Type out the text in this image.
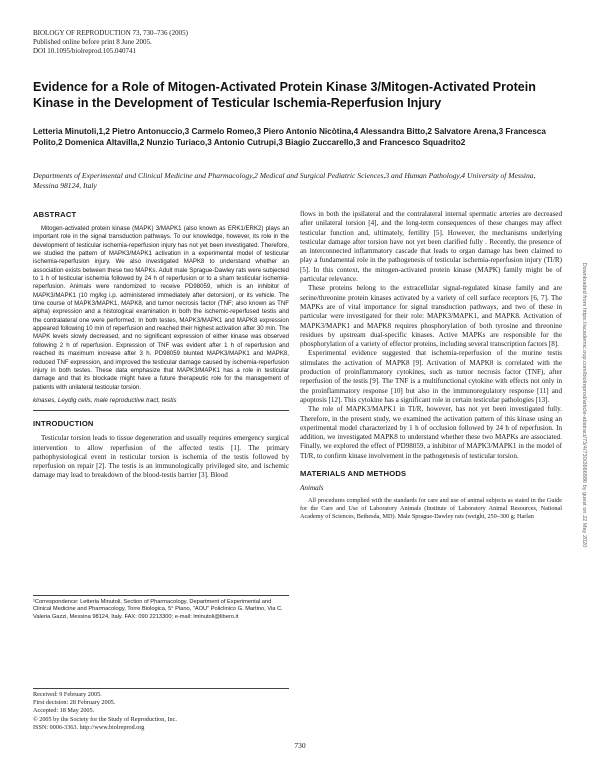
BIOLOGY OF REPRODUCTION 73, 730–736 (2005)
Published online before print 8 June 2005.
DOI 10.1095/biolreprod.105.040741
Evidence for a Role of Mitogen-Activated Protein Kinase 3/Mitogen-Activated Protein Kinase in the Development of Testicular Ischemia-Reperfusion Injury
Letteria Minutoli,1,2 Pietro Antonuccio,3 Carmelo Romeo,3 Piero Antonio Nicòtina,4 Alessandra Bitto,2 Salvatore Arena,3 Francesca Polito,2 Domenica Altavilla,2 Nunzio Turiaco,3 Antonio Cutrupi,3 Biagio Zuccarello,3 and Francesco Squadrito2
Departments of Experimental and Clinical Medicine and Pharmacology,2 Medical and Surgical Pediatric Sciences,3 and Human Pathology,4 University of Messina, Messina 98124, Italy
Downloaded from https://academic.oup.com/biolreprod/article-abstract/73/4/730/2666886 by guest on 22 May 2020
ABSTRACT

Mitogen-activated protein kinase (MAPK) 3/MAPK1 (also known as ERK1/ERK2) plays an important role in the signal transduction pathways. To our knowledge, however, its role in the development of testicular ischemia-reperfusion injury has not yet been investigated. Therefore, we studied the pattern of MAPK3/MAPK1 activation in a experimental model of testicular ischemia-reperfusion injury. We also investigated MAPK8 to understand whether an association exists between these two MAPKs. Adult male Sprague-Dawley rats were subjected to 1 h of testicular ischemia followed by 24 h of reperfusion or to a sham testicular ischemia-reperfusion. Animals were randomized to receive PD98059, which is an inhibitor of MAPK3/MAPK1 (10 mg/kg i.p. administered immediately after detorsion), or its vehicle. The time course of MAPK3/MAPK1, MAPK8, and tumor necrosis factor (TNF; also known as TNF alpha) expression and a histological examination in both the ischemic-reperfused testis and the contralateral one were performed. In both testes, MAPK3/MAPK1 and MAPK8 expression appeared following 10 min of reperfusion and reached their highest activation after 30 min. The MAPK levels slowly decreased, and no significant expression of either kinase was observed following 2 h of reperfusion. Expression of TNF was evident after 1 h of reperfusion and reached its maximum increase after 3 h. PD98059 blunted MAPK3/MAPK1 and MAPK8, reduced TNF expression, and improved the testicular damage caused by ischemia-reperfusion injury in both testes. These data emphasize that MAPK3/MAPK1 has a role in testicular damage and that its blockade might have a future therapeutic role for the management of patients with unilateral testicular torsion.

kinases, Leydig cells, male reproductive tract, testis

INTRODUCTION

Testicular torsion leads to tissue degeneration and usually requires emergency surgical intervention to allow reperfusion of the affected testis [1]. The primary pathophysiological event in testicular torsion is ischemia of the testis followed by reperfusion on repair [2]. The testis is an immunologically privileged site, and ischemic damage may lead to breakdown of the blood-testis barrier [3]. Blood

¹Correspondence: Letteria Minutoli, Section of Pharmacology, Department of Experimental and Clinical Medicine and Pharmacology, Torre Biologica, 5° Piano, "AOU" Policlinico G. Martino, Via C. Valeria Gazzi, Messina 98124, Italy. FAX: 090 2213300; e-mail: lminutoli@libero.it
Received: 9 February 2005.
First decision: 28 February 2005.
Accepted: 18 May 2005.
© 2005 by the Society for the Study of Reproduction, Inc.
ISSN: 0006-3363. http://www.biolreprod.org

flows in both the ipsilateral and the contralateral internal spermatic arteries are decreased after unilateral torsion [4], and the long-term consequences of these changes may affect testicular function and, ultimately, fertility [5]. However, the mechanisms underlying testicular damage after torsion have not yet been clarified fully . Recently, the presence of an interconnected inflammatory cascade that leads to organ damage has been claimed to play a fundamental role in the pathogenesis of testicular ischemia-reperfusion injury (TI/R) [5]. In this context, the mitogen-activated protein kinase (MAPK) family might be of particular relevance.

These proteins belong to the extracellular signal-regulated kinase family and are serine/threonine protein kinases activated by a variety of cell surface receptors [6, 7]. The MAPKs are of vital importance for signal transduction pathways, and two of these in particular were investigated for their role: MAPK3/MAPK1, and MAPK8. Activation of MAPK3/MAPK1 and MAPK8 requires phosphorylation of both tyrosine and threonine residues by upstream dual-specific kinases. Active MAPKs are responsible for the phosphorylation of a variety of effector proteins, including several transcription factors [8].

Experimental evidence suggested that ischemia-reperfusion of the murine testis stimulates the activation of MAPK8 [9]. Activation of MAPK8 is correlated with the production of proinflammatory cytokines, such as tumor necrosis factor (TNF), after reperfusion of the testis [9]. The TNF is a multifunctional cytokine with effects not only in the proinflammatory response [10] but also in the immunoregulatory response [11] and apoptosis [12]. This cytokine has a significant role in certain testicular pathologies [13].

The role of MAPK3/MAPK1 in TI/R, however, has not yet been investigated fully. Therefore, in the present study, we examined the activation pattern of this kinase using an experimental model characterized by 1 h of occlusion followed by 24 h of reperfusion. In addition, we investigated MAPK8 to understand whether these two MAPKs are associated. Finally, we explored the effect of PD98059, a inhibitor of MAPK3/MAPK1 in the model of TI/R, to confirm kinase involvement in the pathogenesis of testicular torsion.

MATERIALS AND METHODS
Animals

All procedures complied with the standards for care and use of animal subjects as stated in the Guide for the Care and Use of Laboratory Animals (Institute of Laboratory Animal Resources, National Academy of Sciences, Bethesda, MD). Male Sprague-Dawley rats (weight, 250–300 g; Harlan

730
